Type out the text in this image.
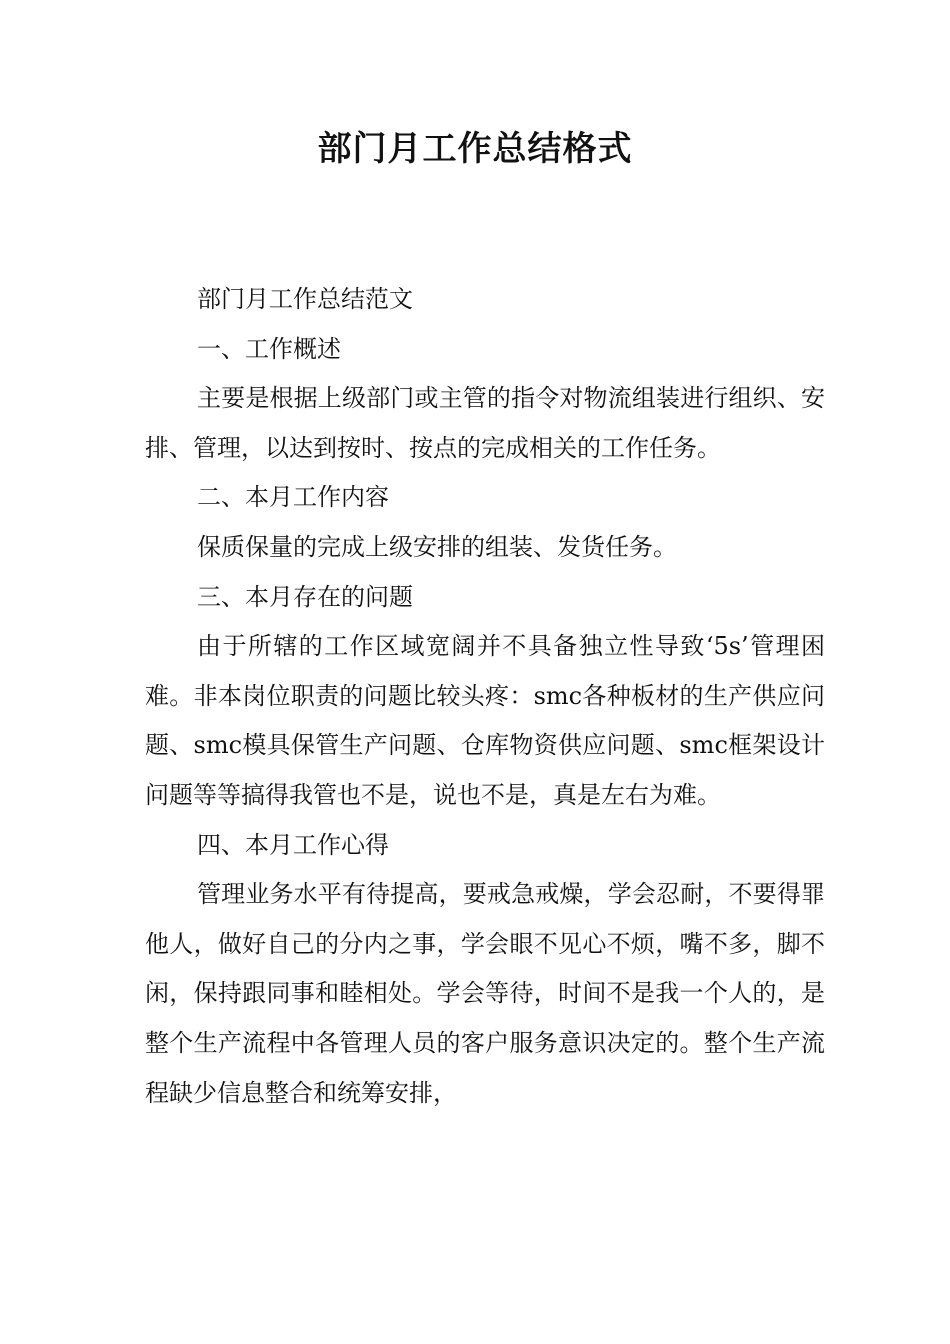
部门月工作总结格式

部门月工作总结范文

一、工作概述

主要是根据上级部门或主管的指令对物流组装进行组织、安排、管理，以达到按时、按点的完成相关的工作任务。

二、本月工作内容

保质保量的完成上级安排的组装、发货任务。

三、本月存在的问题

由于所辖的工作区域宽阔并不具备独立性导致‘5s’管理困难。非本岗位职责的问题比较头疼：smc各种板材的生产供应问题、smc模具保管生产问题、仓库物资供应问题、smc框架设计问题等等搞得我管也不是，说也不是，真是左右为难。

四、本月工作心得

管理业务水平有待提高，要戒急戒燥，学会忍耐，不要得罪他人，做好自己的分内之事，学会眼不见心不烦，嘴不多，脚不闲，保持跟同事和睦相处。学会等待，时间不是我一个人的，是整个生产流程中各管理人员的客户服务意识决定的。整个生产流程缺少信息整合和统筹安排，
